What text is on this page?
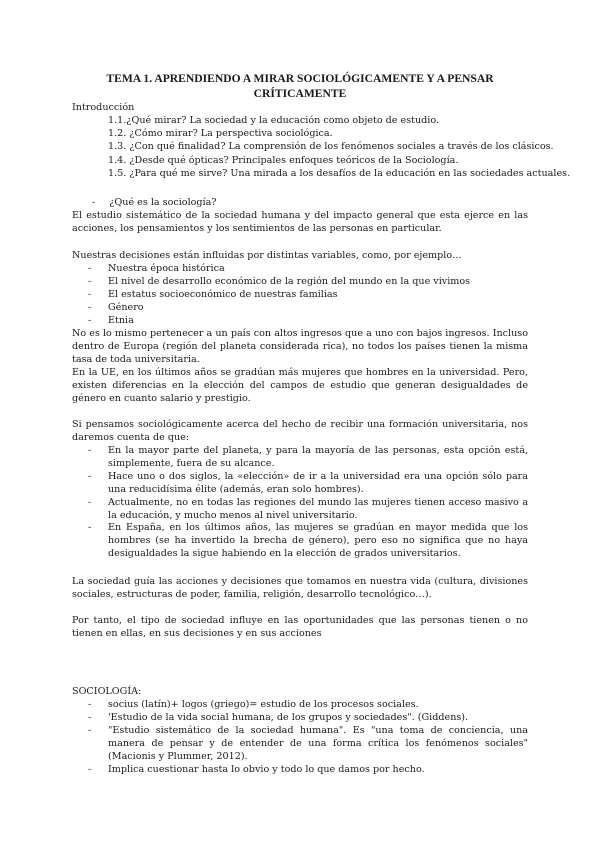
TEMA 1. APRENDIENDO A MIRAR SOCIOLÓGICAMENTE Y A PENSAR
CRÍTICAMENTE
Introducción
1.1.¿Qué mirar? La sociedad y la educación como objeto de estudio.
1.2. ¿Cómo mirar? La perspectiva sociológica.
1.3. ¿Con qué finalidad? La comprensión de los fenómenos sociales a través de los clásicos.
1.4. ¿Desde qué ópticas? Principales enfoques teóricos de la Sociología.
1.5. ¿Para qué me sirve? Una mirada a los desafíos de la educación en las sociedades actuales.
- ¿Qué es la sociología?
El estudio sistemático de la sociedad humana y del impacto general que esta ejerce en las acciones, los pensamientos y los sentimientos de las personas en particular.
Nuestras decisiones están influidas por distintas variables, como, por ejemplo…
- Nuestra época histórica
- El nivel de desarrollo económico de la región del mundo en la que vivimos
- El estatus socioeconómico de nuestras familias
- Género
- Etnia
No es lo mismo pertenecer a un país con altos ingresos que a uno con bajos ingresos. Incluso dentro de Europa (región del planeta considerada rica), no todos los países tienen la misma tasa de toda universitaria.
En la UE, en los últimos años se gradúan más mujeres que hombres en la universidad. Pero, existen diferencias en la elección del campos de estudio que generan desigualdades de género en cuanto salario y prestigio.
Si pensamos sociológicamente acerca del hecho de recibir una formación universitaria, nos daremos cuenta de que:
- En la mayor parte del planeta, y para la mayoría de las personas, esta opción está, simplemente, fuera de su alcance.
- Hace uno o dos siglos, la «elección» de ir a la universidad era una opción sólo para una reducidísima élite (además, eran solo hombres).
- Actualmente, no en todas las regiones del mundo las mujeres tienen acceso masivo a la educación, y mucho menos al nivel universitario.
- En España, en los últimos años, las mujeres se gradúan en mayor medida que los hombres (se ha invertido la brecha de género), pero eso no significa que no haya desigualdades la sigue habiendo en la elección de grados universitarios.
La sociedad guía las acciones y decisiones que tomamos en nuestra vida (cultura, divisiones sociales, estructuras de poder, familia, religión, desarrollo tecnológico…).
Por tanto, el tipo de sociedad influye en las oportunidades que las personas tienen o no tienen en ellas, en sus decisiones y en sus acciones
SOCIOLOGÍA:
- socius (latín)+ logos (griego)= estudio de los procesos sociales.
- 'Estudio de la vida social humana, de los grupos y sociedades". (Giddens).
- "Estudio sistemático de la sociedad humana". Es "una toma de conciencia, una manera de pensar y de entender de una forma crítica los fenómenos sociales" (Macionis y Plummer, 2012).
- Implica cuestionar hasta lo obvio y todo lo que damos por hecho.
